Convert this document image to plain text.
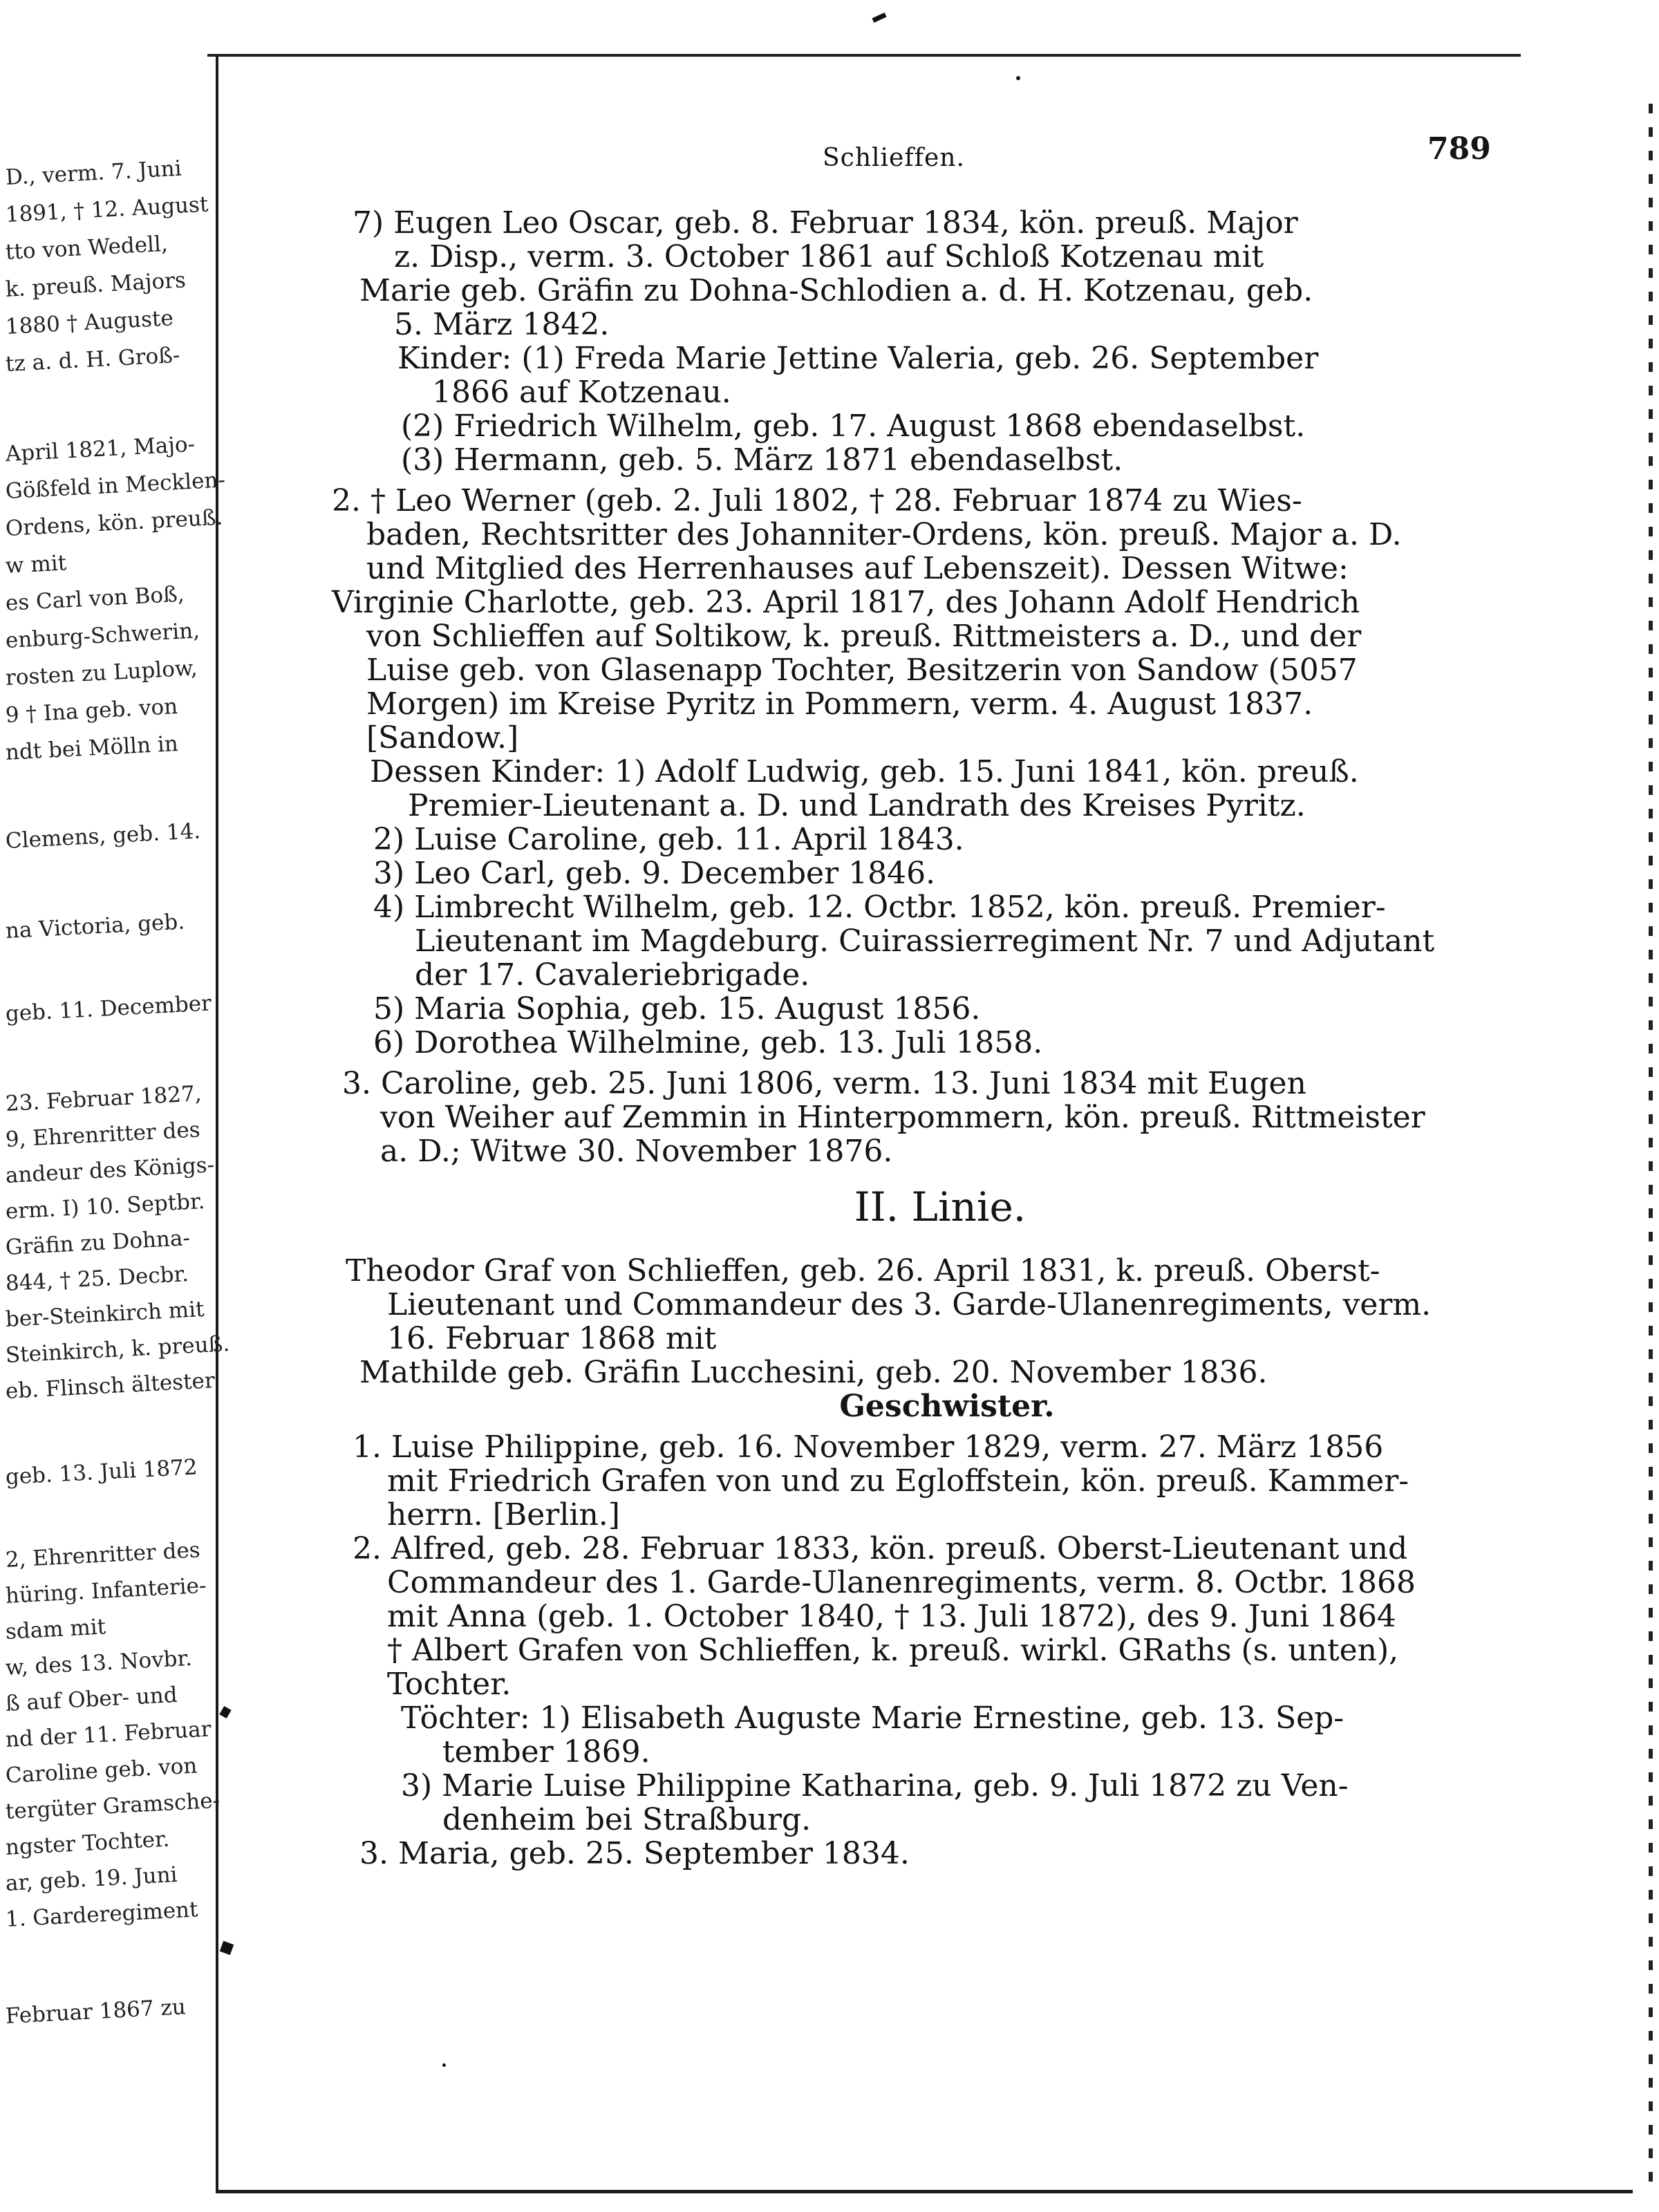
D., verm. 7. Juni
1891, † 12. August
tto von Wedell,
k. preuß. Majors
1880 † Auguste
tz a. d. H. Groß-
April 1821, Majo-
Gößfeld in Mecklen-
Ordens, kön. preuß.
w mit
es Carl von Boß,
enburg-Schwerin,
rosten zu Luplow,
9 † Ina geb. von
ndt bei Mölln in
Clemens, geb. 14.
na Victoria, geb.
geb. 11. December
23. Februar 1827,
9, Ehrenritter des
andeur des Königs-
erm. I) 10. Septbr.
Gräfin zu Dohna-
844, † 25. Decbr.
ber-Steinkirch mit
Steinkirch, k. preuß.
eb. Flinsch ältester
geb. 13. Juli 1872
2, Ehrenritter des
hüring. Infanterie-
sdam mit
w, des 13. Novbr.
ß auf Ober- und
nd der 11. Februar
Caroline geb. von
tergüter Gramsche-
ngster Tochter.
ar, geb. 19. Juni
1. Garderegiment
Februar 1867 zu
Schlieffen.	789
7) Eugen Leo Oscar, geb. 8. Februar 1834, kön. preuß. Major
z. Disp., verm. 3. October 1861 auf Schloß Kotzenau mit
Marie geb. Gräfin zu Dohna-Schlodien a. d. H. Kotzenau, geb.
5. März 1842.
Kinder: (1) Freda Marie Jettine Valeria, geb. 26. September
1866 auf Kotzenau.
(2) Friedrich Wilhelm, geb. 17. August 1868 ebendaselbst.
(3) Hermann, geb. 5. März 1871 ebendaselbst.
2. † Leo Werner (geb. 2. Juli 1802, † 28. Februar 1874 zu Wies-
baden, Rechtsritter des Johanniter-Ordens, kön. preuß. Major a. D.
und Mitglied des Herrenhauses auf Lebenszeit). Dessen Witwe:
Virginie Charlotte, geb. 23. April 1817, des Johann Adolf Hendrich
von Schlieffen auf Soltikow, k. preuß. Rittmeisters a. D., und der
Luise geb. von Glasenapp Tochter, Besitzerin von Sandow (5057
Morgen) im Kreise Pyritz in Pommern, verm. 4. August 1837.
[Sandow.]
Dessen Kinder: 1) Adolf Ludwig, geb. 15. Juni 1841, kön. preuß.
Premier-Lieutenant a. D. und Landrath des Kreises Pyritz.
2) Luise Caroline, geb. 11. April 1843.
3) Leo Carl, geb. 9. December 1846.
4) Limbrecht Wilhelm, geb. 12. Octbr. 1852, kön. preuß. Premier-
Lieutenant im Magdeburg. Cuirassierregiment Nr. 7 und Adjutant
der 17. Cavaleriebrigade.
5) Maria Sophia, geb. 15. August 1856.
6) Dorothea Wilhelmine, geb. 13. Juli 1858.
3. Caroline, geb. 25. Juni 1806, verm. 13. Juni 1834 mit Eugen
von Weiher auf Zemmin in Hinterpommern, kön. preuß. Rittmeister
a. D.; Witwe 30. November 1876.
II. Linie.
Theodor Graf von Schlieffen, geb. 26. April 1831, k. preuß. Oberst-
Lieutenant und Commandeur des 3. Garde-Ulanenregiments, verm.
16. Februar 1868 mit
Mathilde geb. Gräfin Lucchesini, geb. 20. November 1836.
Geschwister.
1. Luise Philippine, geb. 16. November 1829, verm. 27. März 1856
mit Friedrich Grafen von und zu Egloffstein, kön. preuß. Kammer-
herrn. [Berlin.]
2. Alfred, geb. 28. Februar 1833, kön. preuß. Oberst-Lieutenant und
Commandeur des 1. Garde-Ulanenregiments, verm. 8. Octbr. 1868
mit Anna (geb. 1. October 1840, † 13. Juli 1872), des 9. Juni 1864
† Albert Grafen von Schlieffen, k. preuß. wirkl. GRaths (s. unten),
Tochter.
Töchter: 1) Elisabeth Auguste Marie Ernestine, geb. 13. Sep-
tember 1869.
3) Marie Luise Philippine Katharina, geb. 9. Juli 1872 zu Ven-
denheim bei Straßburg.
3. Maria, geb. 25. September 1834.
